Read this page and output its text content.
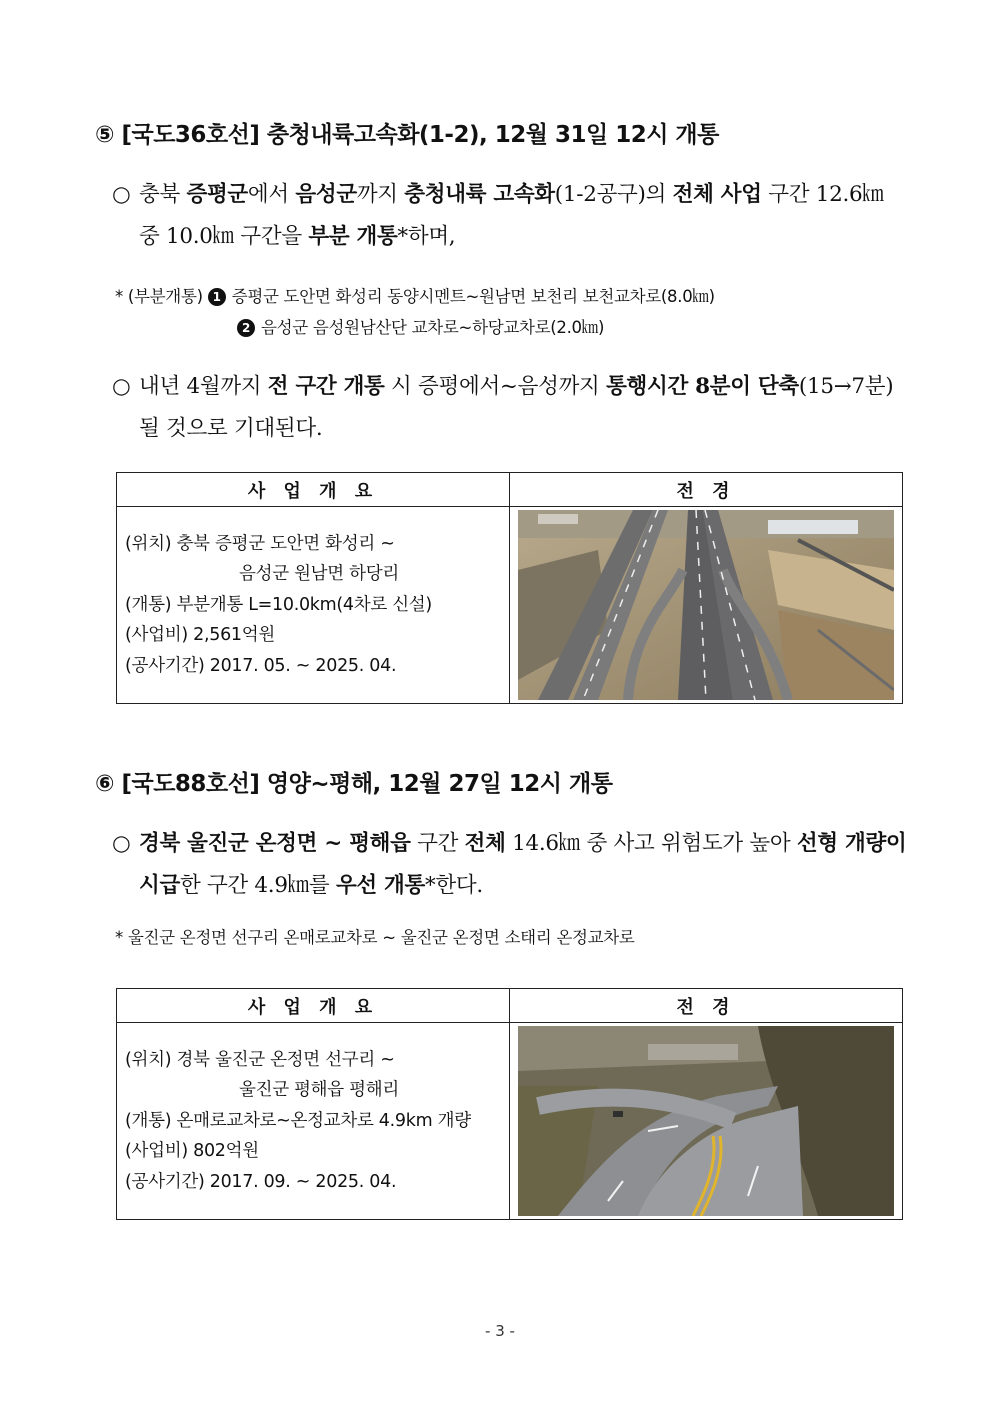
⑤ [국도36호선] 충청내륙고속화(1-2), 12월 31일 12시 개통
○ 충북 증평군에서 음성군까지 충청내륙 고속화(1-2공구)의 전체 사업 구간 12.6㎞ 중 10.0㎞ 구간을 부분 개통*하며,
* (부분개통) 1 증평군 도안면 화성리 동양시멘트~원남면 보천리 보천교차로(8.0㎞)
2 음성군 음성원남산단 교차로~하당교차로(2.0㎞)
○ 내년 4월까지 전 구간 개통 시 증평에서~음성까지 통행시간 8분이 단축(15→7분)될 것으로 기대된다.
사 업 개 요	전 경

(위치) 충북 증평군 도안면 화성리 ~
음성군 원남면 하당리
(개통) 부분개통 L=10.0km(4차로 신설)
(사업비) 2,561억원
(공사기간) 2017. 05. ~ 2025. 04.

⑥ [국도88호선] 영양~평해, 12월 27일 12시 개통
○ 경북 울진군 온정면 ~ 평해읍 구간 전체 14.6㎞ 중 사고 위험도가 높아 선형 개량이 시급한 구간 4.9㎞를 우선 개통*한다.
* 울진군 온정면 선구리 온매로교차로 ~ 울진군 온정면 소태리 온정교차로
사 업 개 요	전 경

(위치) 경북 울진군 온정면 선구리 ~
울진군 평해읍 평해리
(개통) 온매로교차로~온정교차로 4.9km 개량
(사업비) 802억원
(공사기간) 2017. 09. ~ 2025. 04.

- 3 -
